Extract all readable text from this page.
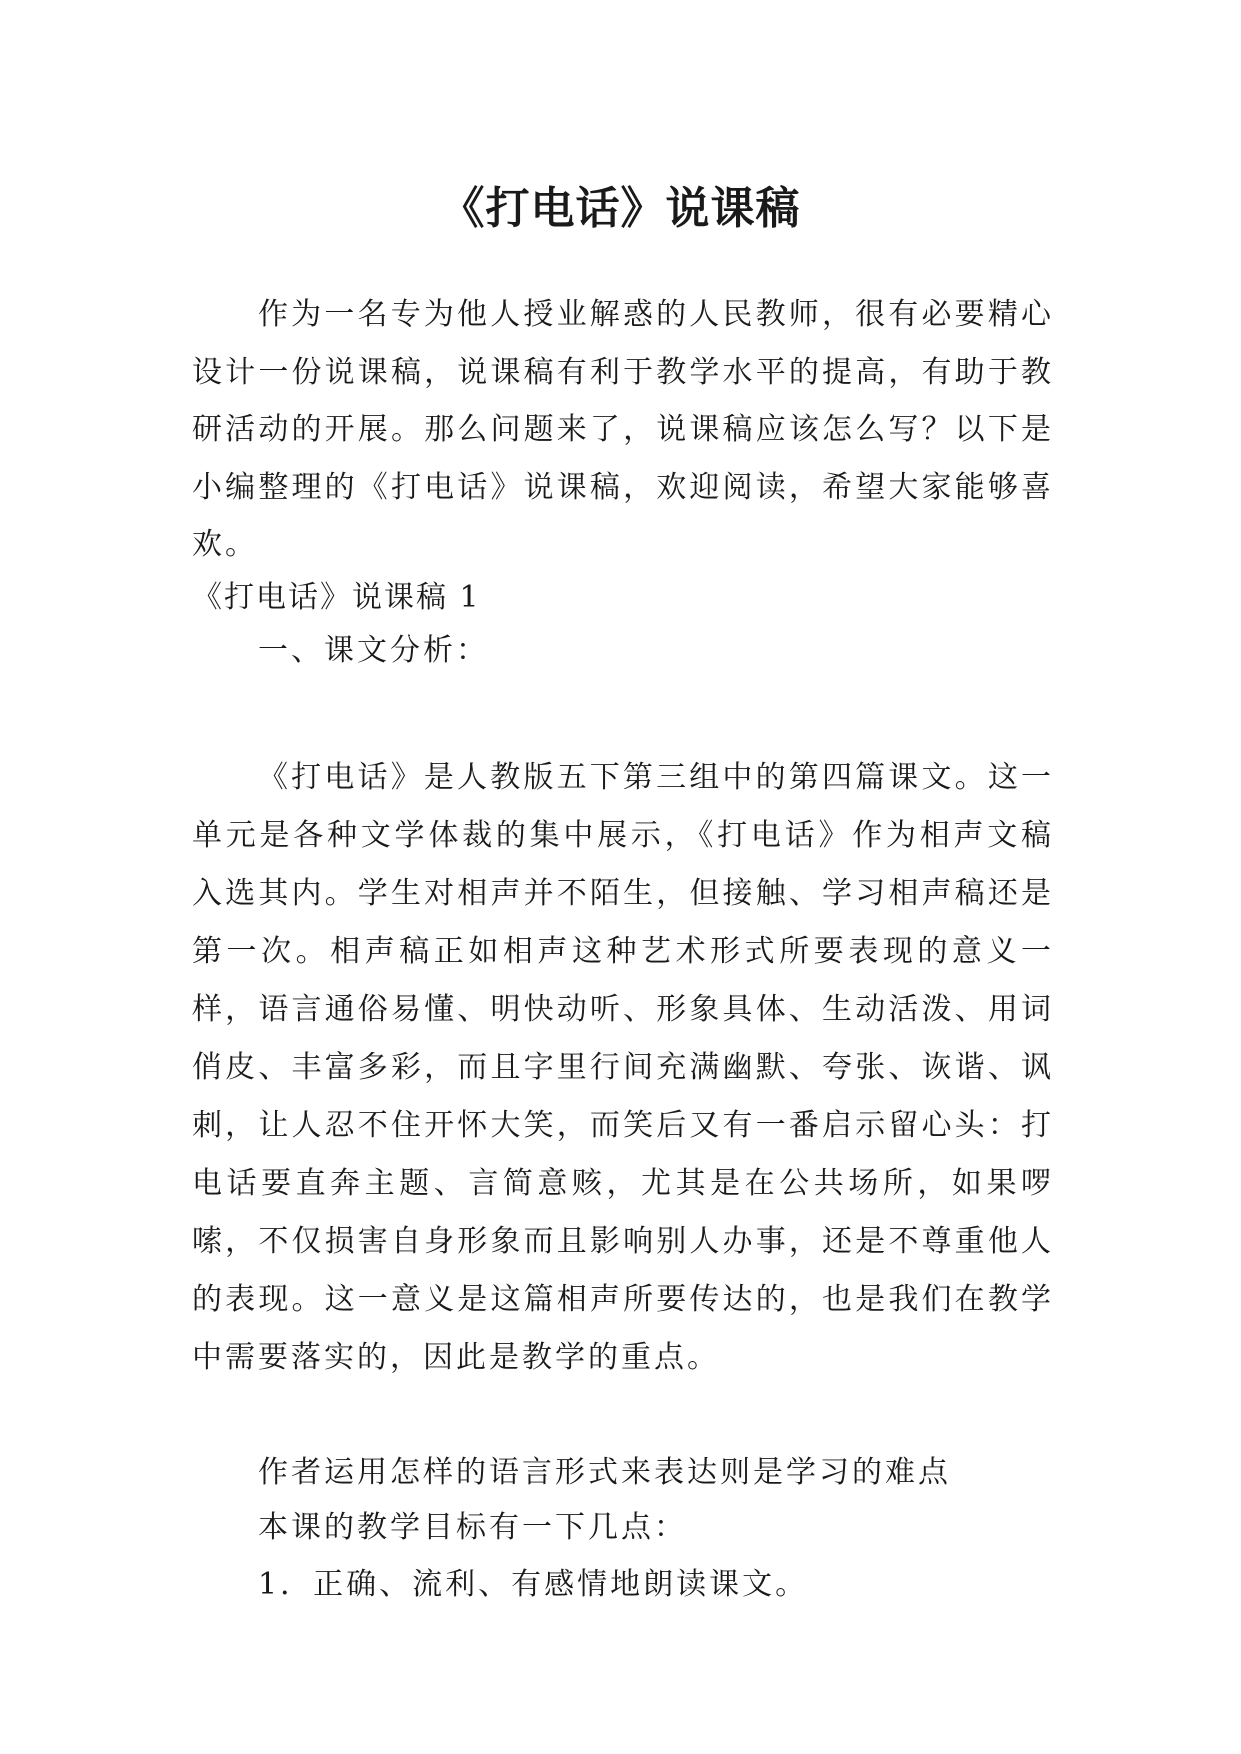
《打电话》说课稿

作为一名专为他人授业解惑的人民教师，很有必要精心设计一份说课稿，说课稿有利于教学水平的提高，有助于教研活动的开展。那么问题来了，说课稿应该怎么写？以下是小编整理的《打电话》说课稿，欢迎阅读，希望大家能够喜欢。

《打电话》说课稿 1

一、课文分析：

《打电话》是人教版五下第三组中的第四篇课文。这一单元是各种文学体裁的集中展示，《打电话》作为相声文稿入选其内。学生对相声并不陌生，但接触、学习相声稿还是第一次。相声稿正如相声这种艺术形式所要表现的意义一样，语言通俗易懂、明快动听、形象具体、生动活泼、用词俏皮、丰富多彩，而且字里行间充满幽默、夸张、诙谐、讽刺，让人忍不住开怀大笑，而笑后又有一番启示留心头：打电话要直奔主题、言简意赅，尤其是在公共场所，如果啰嗦，不仅损害自身形象而且影响别人办事，还是不尊重他人的表现。这一意义是这篇相声所要传达的，也是我们在教学中需要落实的，因此是教学的重点。

作者运用怎样的语言形式来表达则是学习的难点

本课的教学目标有一下几点：

1．正确、流利、有感情地朗读课文。
